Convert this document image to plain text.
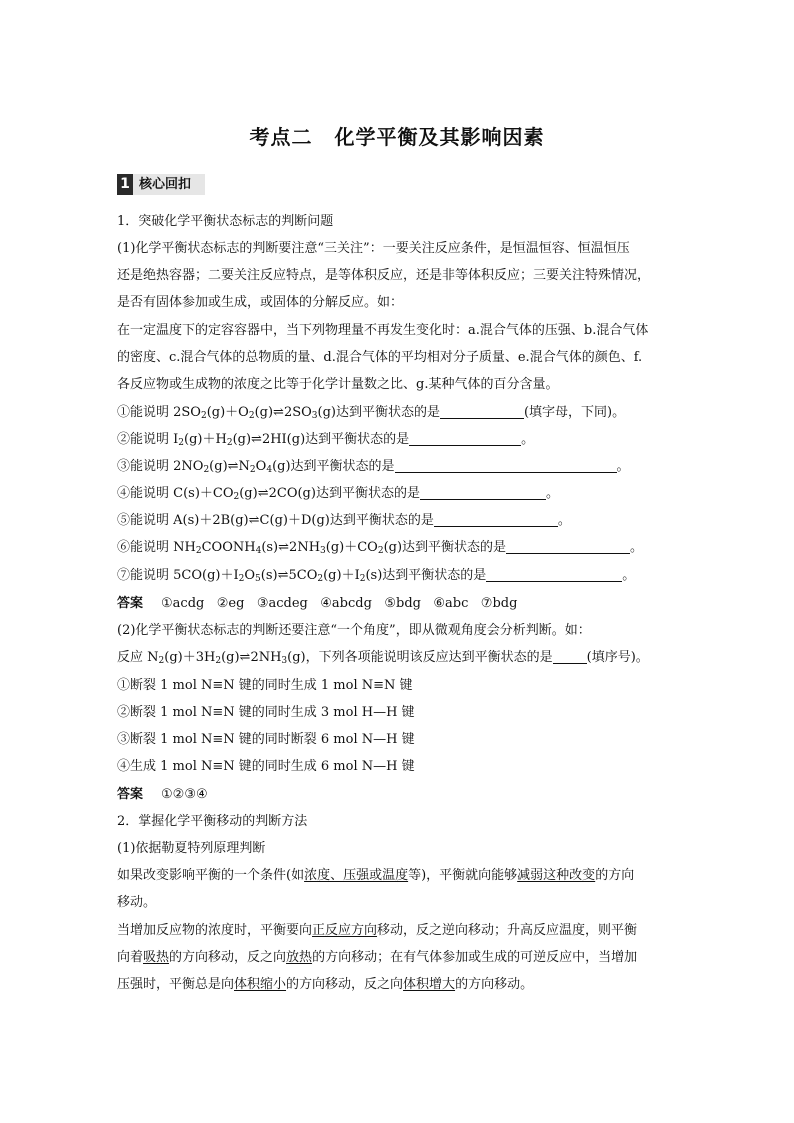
考点二 化学平衡及其影响因素
1 核心回扣
1．突破化学平衡状态标志的判断问题
(1)化学平衡状态标志的判断要注意“三关注”：一要关注反应条件，是恒温恒容、恒温恒压
还是绝热容器；二要关注反应特点，是等体积反应，还是非等体积反应；三要关注特殊情况，
是否有固体参加或生成，或固体的分解反应。如：
在一定温度下的定容容器中，当下列物理量不再发生变化时：a.混合气体的压强、b.混合气体
的密度、c.混合气体的总物质的量、d.混合气体的平均相对分子质量、e.混合气体的颜色、f.
各反应物或生成物的浓度之比等于化学计量数之比、g.某种气体的百分含量。
①能说明 $2SO_2(g)+O_2(g)\rightleftharpoons 2SO_3(g)$达到平衡状态的是	(填字母，下同)。
②能说明 $I_2(g)+H_2(g)\rightleftharpoons 2HI(g)$达到平衡状态的是	。
③能说明 $2NO_2(g)\rightleftharpoons N_2O_4(g)$达到平衡状态的是	。
④能说明 $C(s)+CO_2(g)\rightleftharpoons 2CO(g)$达到平衡状态的是	。
⑤能说明 A(s)＋2B(g)⇌C(g)＋D(g)达到平衡状态的是	。
⑥能说明 $NH_2COONH_4(s)\rightleftharpoons 2NH_3(g)+CO_2(g)$达到平衡状态的是	。
⑦能说明 $5CO(g)+I_2O_5(s)\rightleftharpoons 5CO_2(g)+I_2(s)$达到平衡状态的是	。
答案 ①acdg ②eg ③acdeg ④abcdg ⑤bdg ⑥abc ⑦bdg
(2)化学平衡状态标志的判断还要注意“一个角度”，即从微观角度会分析判断。如：
反应 $N_2(g)+3H_2(g)\rightleftharpoons 2NH_3(g)$，下列各项能说明该反应达到平衡状态的是	(填序号)。
①断裂 1 mol N≡N 键的同时生成 1 mol N≡N 键
②断裂 1 mol N≡N 键的同时生成 3 mol H—H 键
③断裂 1 mol N≡N 键的同时断裂 6 mol N—H 键
④生成 1 mol N≡N 键的同时生成 6 mol N—H 键
答案 ①②③④
2．掌握化学平衡移动的判断方法
(1)依据勒夏特列原理判断
如果改变影响平衡的一个条件(如浓度、压强或温度等)，平衡就向能够减弱这种改变的方向
移动。
当增加反应物的浓度时，平衡要向正反应方向移动，反之逆向移动；升高反应温度，则平衡
向着吸热的方向移动，反之向放热的方向移动；在有气体参加或生成的可逆反应中，当增加
压强时，平衡总是向体积缩小的方向移动，反之向体积增大的方向移动。
